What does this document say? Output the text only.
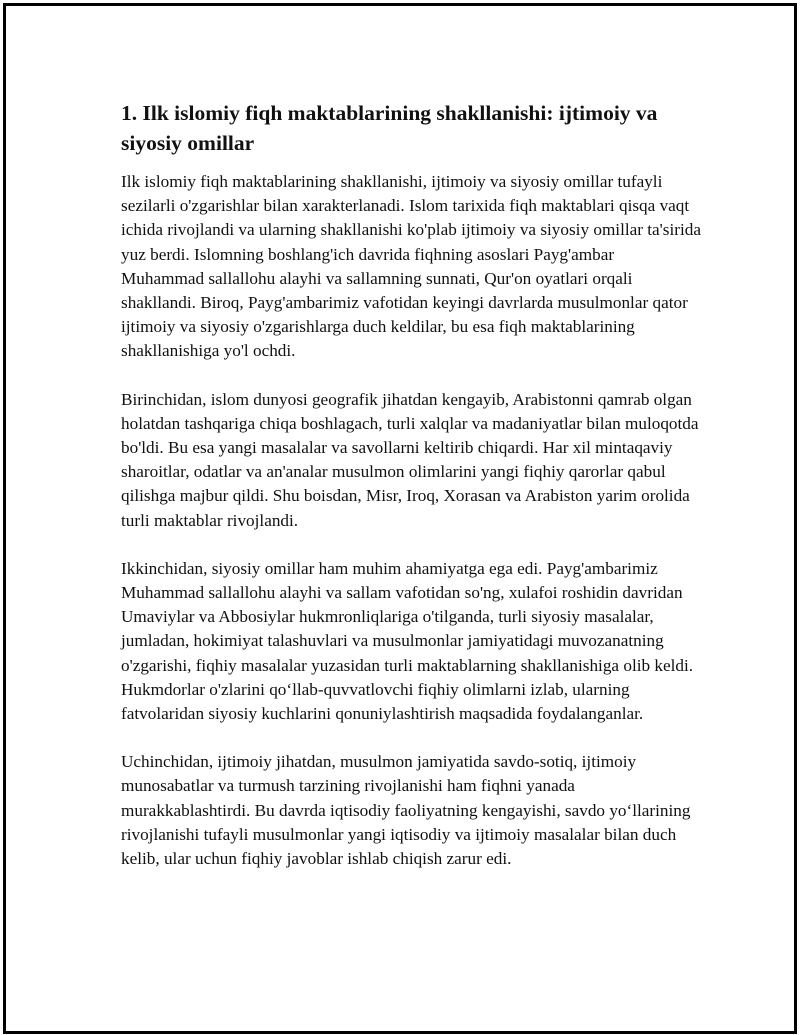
1. Ilk islomiy fiqh maktablarining shakllanishi: ijtimoiy va siyosiy omillar

Ilk islomiy fiqh maktablarining shakllanishi, ijtimoiy va siyosiy omillar tufayli sezilarli o'zgarishlar bilan xarakterlanadi. Islom tarixida fiqh maktablari qisqa vaqt ichida rivojlandi va ularning shakllanishi ko'plab ijtimoiy va siyosiy omillar ta'sirida yuz berdi. Islomning boshlang'ich davrida fiqhning asoslari Payg'ambar Muhammad sallallohu alayhi va sallamning sunnati, Qur'on oyatlari orqali shakllandi. Biroq, Payg'ambarimiz vafotidan keyingi davrlarda musulmonlar qator ijtimoiy va siyosiy o'zgarishlarga duch keldilar, bu esa fiqh maktablarining shakllanishiga yo'l ochdi.

Birinchidan, islom dunyosi geografik jihatdan kengayib, Arabistonni qamrab olgan holatdan tashqariga chiqa boshlagach, turli xalqlar va madaniyatlar bilan muloqotda bo'ldi. Bu esa yangi masalalar va savollarni keltirib chiqardi. Har xil mintaqaviy sharoitlar, odatlar va an'analar musulmon olimlarini yangi fiqhiy qarorlar qabul qilishga majbur qildi. Shu boisdan, Misr, Iroq, Xorasan va Arabiston yarim orolida turli maktablar rivojlandi.

Ikkinchidan, siyosiy omillar ham muhim ahamiyatga ega edi. Payg'ambarimiz Muhammad sallallohu alayhi va sallam vafotidan so'ng, xulafoi roshidin davridan Umaviylar va Abbosiylar hukmronliqlariga o'tilganda, turli siyosiy masalalar, jumladan, hokimiyat talashuvlari va musulmonlar jamiyatidagi muvozanatning o'zgarishi, fiqhiy masalalar yuzasidan turli maktablarning shakllanishiga olib keldi. Hukmdorlar o'zlarini qo‘llab-quvvatlovchi fiqhiy olimlarni izlab, ularning fatvolaridan siyosiy kuchlarini qonuniylashtirish maqsadida foydalanganlar.

Uchinchidan, ijtimoiy jihatdan, musulmon jamiyatida savdo-sotiq, ijtimoiy munosabatlar va turmush tarzining rivojlanishi ham fiqhni yanada murakkablashtirdi. Bu davrda iqtisodiy faoliyatning kengayishi, savdo yo‘llarining rivojlanishi tufayli musulmonlar yangi iqtisodiy va ijtimoiy masalalar bilan duch kelib, ular uchun fiqhiy javoblar ishlab chiqish zarur edi.
